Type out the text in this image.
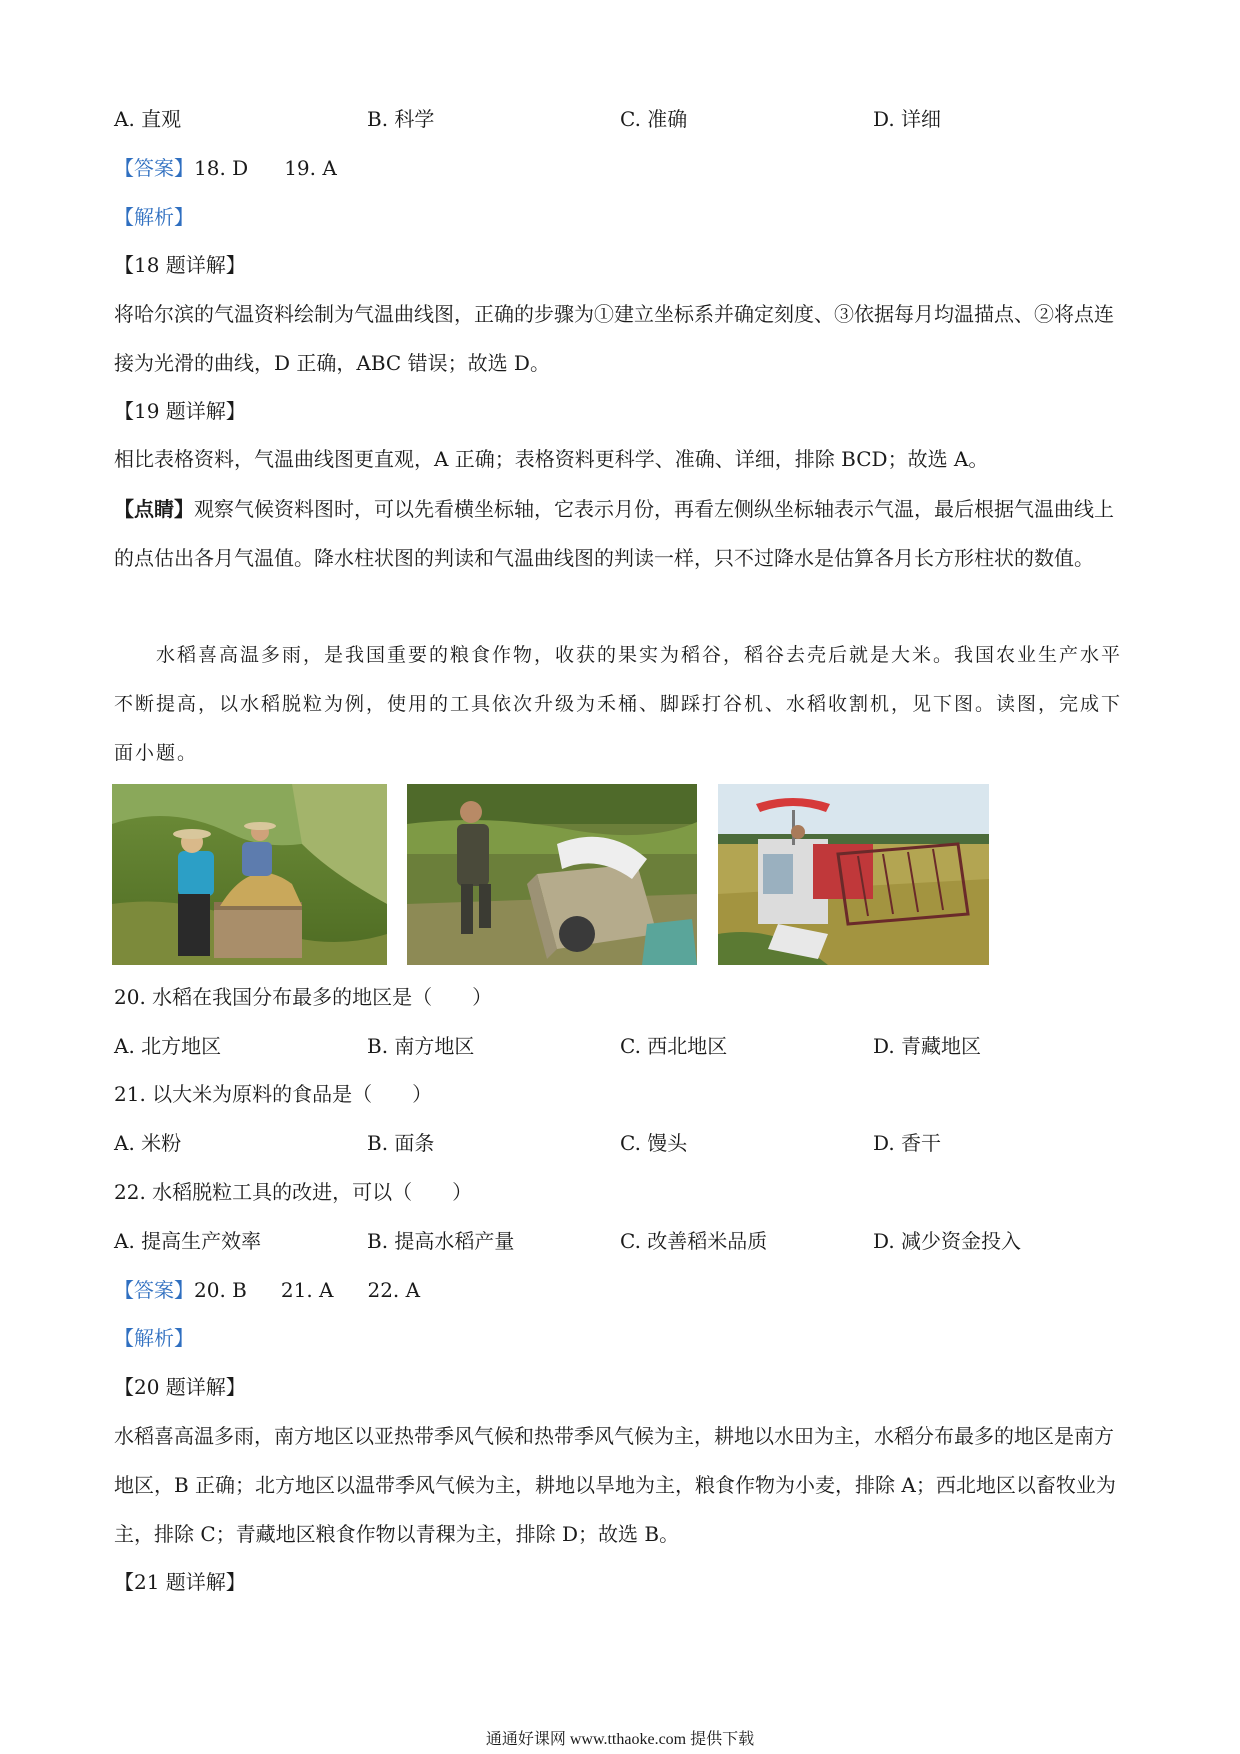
A. 直观	B. 科学	C. 准确	D. 详细
【答案】18. D 19. A
【解析】
【18 题详解】
将哈尔滨的气温资料绘制为气温曲线图，正确的步骤为①建立坐标系并确定刻度、③依据每月均温描点、②将点连接为光滑的曲线，D 正确，ABC 错误；故选 D。
【19 题详解】
相比表格资料，气温曲线图更直观，A 正确；表格资料更科学、准确、详细，排除 BCD；故选 A。
【点睛】观察气候资料图时，可以先看横坐标轴，它表示月份，再看左侧纵坐标轴表示气温，最后根据气温曲线上的点估出各月气温值。降水柱状图的判读和气温曲线图的判读一样，只不过降水是估算各月长方形柱状的数值。
水稻喜高温多雨，是我国重要的粮食作物，收获的果实为稻谷，稻谷去壳后就是大米。我国农业生产水平不断提高，以水稻脱粒为例，使用的工具依次升级为禾桶、脚踩打谷机、水稻收割机，见下图。读图，完成下面小题。
20. 水稻在我国分布最多的地区是（　　）
A. 北方地区	B. 南方地区	C. 西北地区	D. 青藏地区
21. 以大米为原料的食品是（　　）
A. 米粉	B. 面条	C. 馒头	D. 香干
22. 水稻脱粒工具的改进，可以（　　）
A. 提高生产效率	B. 提高水稻产量	C. 改善稻米品质	D. 减少资金投入
【答案】20. B 21. A 22. A
【解析】
【20 题详解】
水稻喜高温多雨，南方地区以亚热带季风气候和热带季风气候为主，耕地以水田为主，水稻分布最多的地区是南方地区，B 正确；北方地区以温带季风气候为主，耕地以旱地为主，粮食作物为小麦，排除 A；西北地区以畜牧业为主，排除 C；青藏地区粮食作物以青稞为主，排除 D；故选 B。
【21 题详解】
通通好课网 www.tthaoke.com 提供下载
